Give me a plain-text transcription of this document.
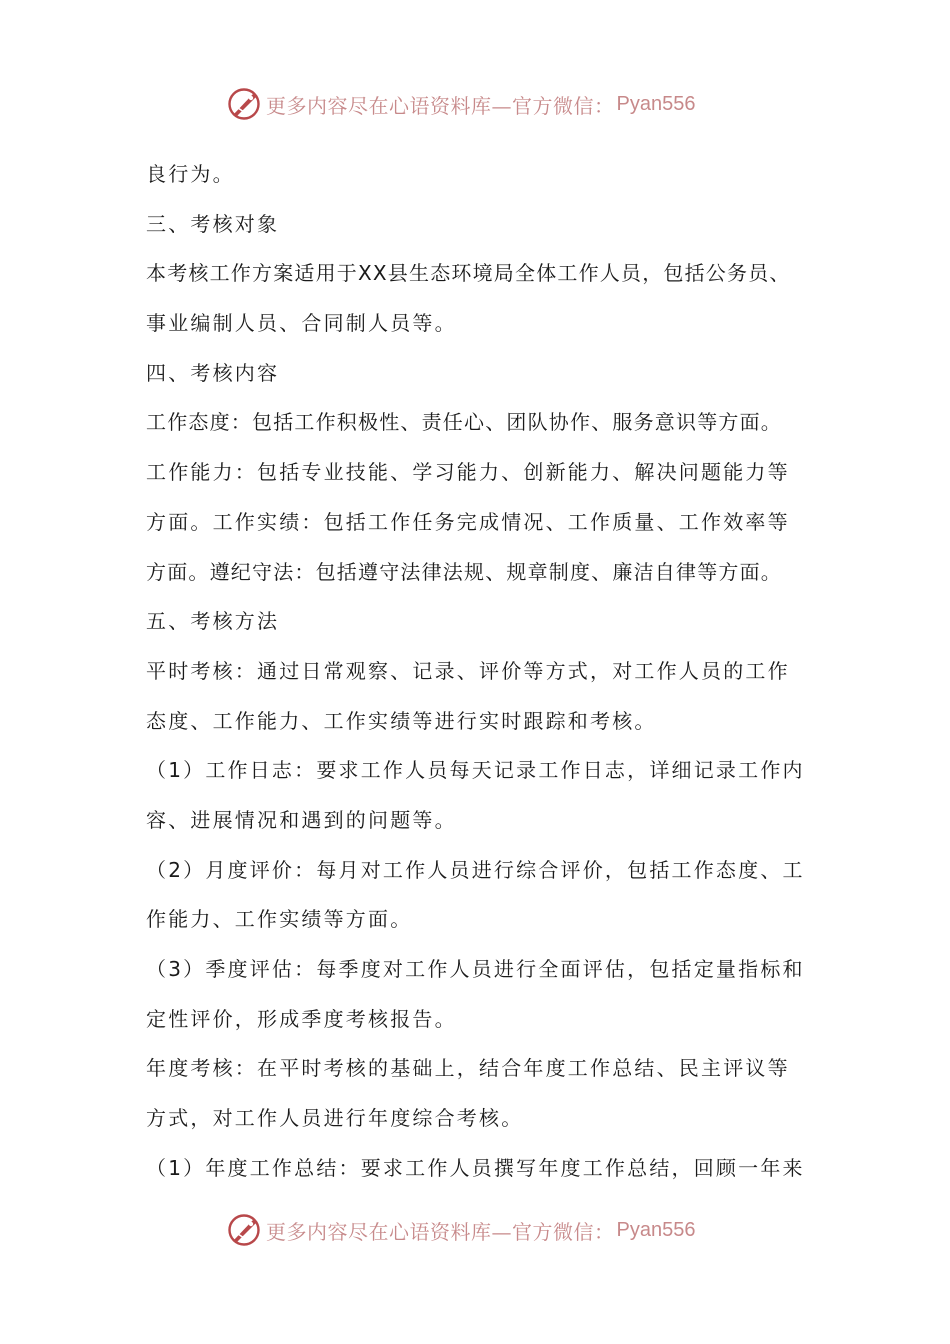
更多内容尽在心语资料库—官方微信： Pyan556
良行为。
三、考核对象
本考核工作方案适用于XX县生态环境局全体工作人员，包括公务员、
事业编制人员、合同制人员等。
四、考核内容
工作态度：包括工作积极性、责任心、团队协作、服务意识等方面。
工作能力：包括专业技能、学习能力、创新能力、解决问题能力等
方面。工作实绩：包括工作任务完成情况、工作质量、工作效率等
方面。遵纪守法：包括遵守法律法规、规章制度、廉洁自律等方面。
五、考核方法
平时考核：通过日常观察、记录、评价等方式，对工作人员的工作
态度、工作能力、工作实绩等进行实时跟踪和考核。
（1）工作日志：要求工作人员每天记录工作日志，详细记录工作内
容、进展情况和遇到的问题等。
（2）月度评价：每月对工作人员进行综合评价，包括工作态度、工
作能力、工作实绩等方面。
（3）季度评估：每季度对工作人员进行全面评估，包括定量指标和
定性评价，形成季度考核报告。
年度考核：在平时考核的基础上，结合年度工作总结、民主评议等
方式，对工作人员进行年度综合考核。
（1）年度工作总结：要求工作人员撰写年度工作总结，回顾一年来
更多内容尽在心语资料库—官方微信： Pyan556
